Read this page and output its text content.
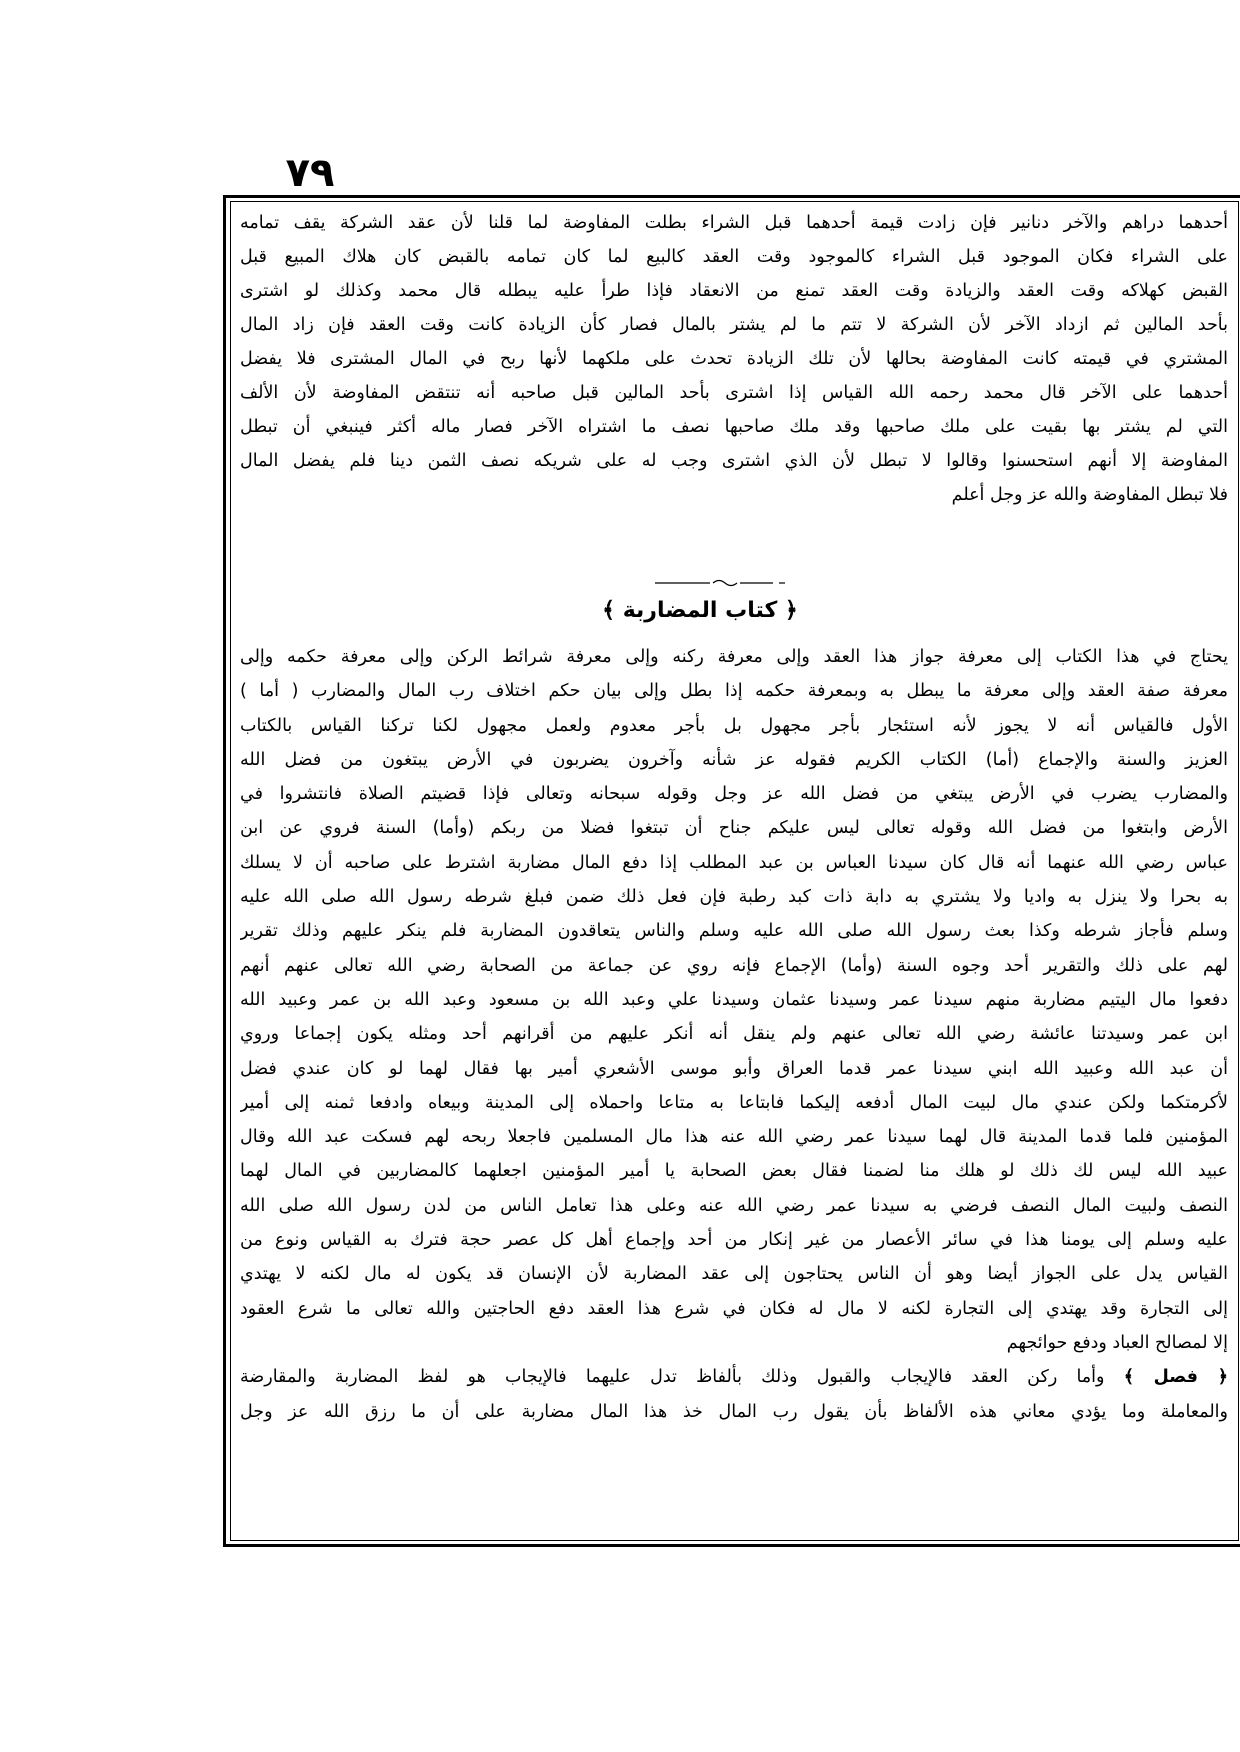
٧٩
أحدهما دراهم والآخر دنانير فإن زادت قيمة أحدهما قبل الشراء بطلت المفاوضة لما قلنا لأن عقد الشركة يقف تمامه
على الشراء فكان الموجود قبل الشراء كالموجود وقت العقد كالبيع لما كان تمامه بالقبض كان هلاك المبيع قبل
القبض كهلاكه وقت العقد والزيادة وقت العقد تمنع من الانعقاد فإذا طرأ عليه يبطله قال محمد وكذلك لو اشترى
بأحد المالين ثم ازداد الآخر لأن الشركة لا تتم ما لم يشتر بالمال فصار كأن الزيادة كانت وقت العقد فإن زاد المال
المشتري في قيمته كانت المفاوضة بحالها لأن تلك الزيادة تحدث على ملكهما لأنها ربح في المال المشترى فلا يفضل
أحدهما على الآخر قال محمد رحمه الله القياس إذا اشترى بأحد المالين قبل صاحبه أنه تنتقض المفاوضة لأن الألف
التي لم يشتر بها بقيت على ملك صاحبها وقد ملك صاحبها نصف ما اشتراه الآخر فصار ماله أكثر فينبغي أن تبطل
المفاوضة إلا أنهم استحسنوا وقالوا لا تبطل لأن الذي اشترى وجب له على شريكه نصف الثمن دينا فلم يفضل المال
فلا تبطل المفاوضة والله عز وجل أعلم
﴿ كتاب المضاربة ﴾
يحتاج في هذا الكتاب إلى معرفة جواز هذا العقد وإلى معرفة ركنه وإلى معرفة شرائط الركن وإلى معرفة حكمه وإلى
معرفة صفة العقد وإلى معرفة ما يبطل به وبمعرفة حكمه إذا بطل وإلى بيان حكم اختلاف رب المال والمضارب ( أما )
الأول فالقياس أنه لا يجوز لأنه استئجار بأجر مجهول بل بأجر معدوم ولعمل مجهول لكنا تركنا القياس بالكتاب
العزيز والسنة والإجماع (أما) الكتاب الكريم فقوله عز شأنه وآخرون يضربون في الأرض يبتغون من فضل الله
والمضارب يضرب في الأرض يبتغي من فضل الله عز وجل وقوله سبحانه وتعالى فإذا قضيتم الصلاة فانتشروا في
الأرض وابتغوا من فضل الله وقوله تعالى ليس عليكم جناح أن تبتغوا فضلا من ربكم (وأما) السنة فروي عن ابن
عباس رضي الله عنهما أنه قال كان سيدنا العباس بن عبد المطلب إذا دفع المال مضاربة اشترط على صاحبه أن لا يسلك
به بحرا ولا ينزل به واديا ولا يشتري به دابة ذات كبد رطبة فإن فعل ذلك ضمن فبلغ شرطه رسول الله صلى الله عليه
وسلم فأجاز شرطه وكذا بعث رسول الله صلى الله عليه وسلم والناس يتعاقدون المضاربة فلم ينكر عليهم وذلك تقرير
لهم على ذلك والتقرير أحد وجوه السنة (وأما) الإجماع فإنه روي عن جماعة من الصحابة رضي الله تعالى عنهم أنهم
دفعوا مال اليتيم مضاربة منهم سيدنا عمر وسيدنا عثمان وسيدنا علي وعبد الله بن مسعود وعبد الله بن عمر وعبيد الله
ابن عمر وسيدتنا عائشة رضي الله تعالى عنهم ولم ينقل أنه أنكر عليهم من أقرانهم أحد ومثله يكون إجماعا وروي
أن عبد الله وعبيد الله ابني سيدنا عمر قدما العراق وأبو موسى الأشعري أمير بها فقال لهما لو كان عندي فضل
لأكرمتكما ولكن عندي مال لبيت المال أدفعه إليكما فابتاعا به متاعا واحملاه إلى المدينة وبيعاه وادفعا ثمنه إلى أمير
المؤمنين فلما قدما المدينة قال لهما سيدنا عمر رضي الله عنه هذا مال المسلمين فاجعلا ربحه لهم فسكت عبد الله وقال
عبيد الله ليس لك ذلك لو هلك منا لضمنا فقال بعض الصحابة يا أمير المؤمنين اجعلهما كالمضاربين في المال لهما
النصف ولبيت المال النصف فرضي به سيدنا عمر رضي الله عنه وعلى هذا تعامل الناس من لدن رسول الله صلى الله
عليه وسلم إلى يومنا هذا في سائر الأعصار من غير إنكار من أحد وإجماع أهل كل عصر حجة فترك به القياس ونوع من
القياس يدل على الجواز أيضا وهو أن الناس يحتاجون إلى عقد المضاربة لأن الإنسان قد يكون له مال لكنه لا يهتدي
إلى التجارة وقد يهتدي إلى التجارة لكنه لا مال له فكان في شرع هذا العقد دفع الحاجتين والله تعالى ما شرع العقود
إلا لمصالح العباد ودفع حوائجهم
﴿ فصل ﴾ وأما ركن العقد فالإيجاب والقبول وذلك بألفاظ تدل عليهما فالإيجاب هو لفظ المضاربة والمقارضة
والمعاملة وما يؤدي معاني هذه الألفاظ بأن يقول رب المال خذ هذا المال مضاربة على أن ما رزق الله عز وجل
